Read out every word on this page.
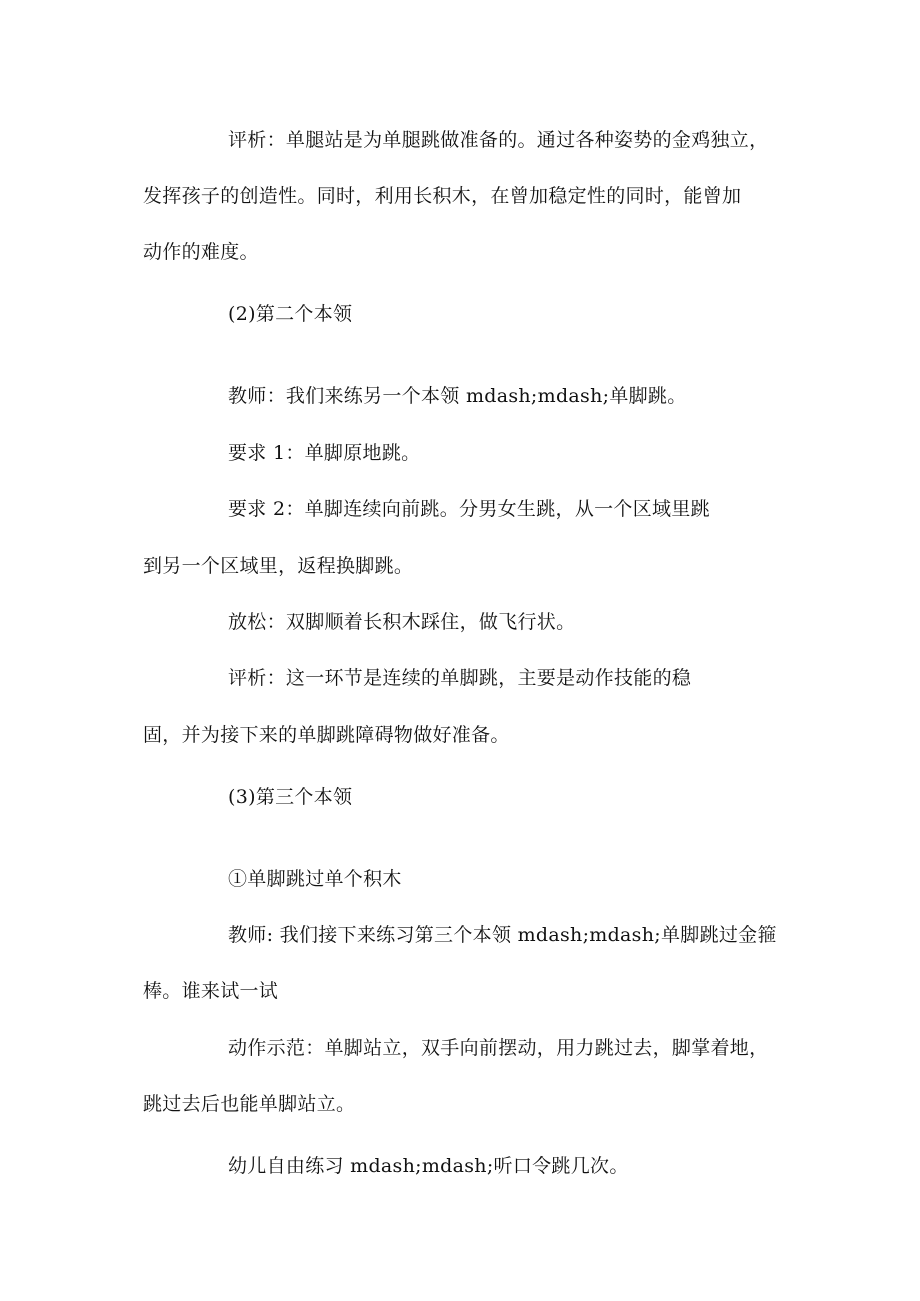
评析：单腿站是为单腿跳做准备的。通过各种姿势的金鸡独立，
发挥孩子的创造性。同时，利用长积木，在曾加稳定性的同时，能曾加
动作的难度。
(2)第二个本领
教师：我们来练另一个本领 mdash;mdash;单脚跳。
要求 1：单脚原地跳。
要求 2：单脚连续向前跳。分男女生跳，从一个区域里跳
到另一个区域里，返程换脚跳。
放松：双脚顺着长积木踩住，做飞行状。
评析：这一环节是连续的单脚跳，主要是动作技能的稳
固，并为接下来的单脚跳障碍物做好准备。
(3)第三个本领
①单脚跳过单个积木
教师: 我们接下来练习第三个本领 mdash;mdash;单脚跳过金箍
棒。谁来试一试
动作示范：单脚站立，双手向前摆动，用力跳过去，脚掌着地，
跳过去后也能单脚站立。
幼儿自由练习 mdash;mdash;听口令跳几次。
